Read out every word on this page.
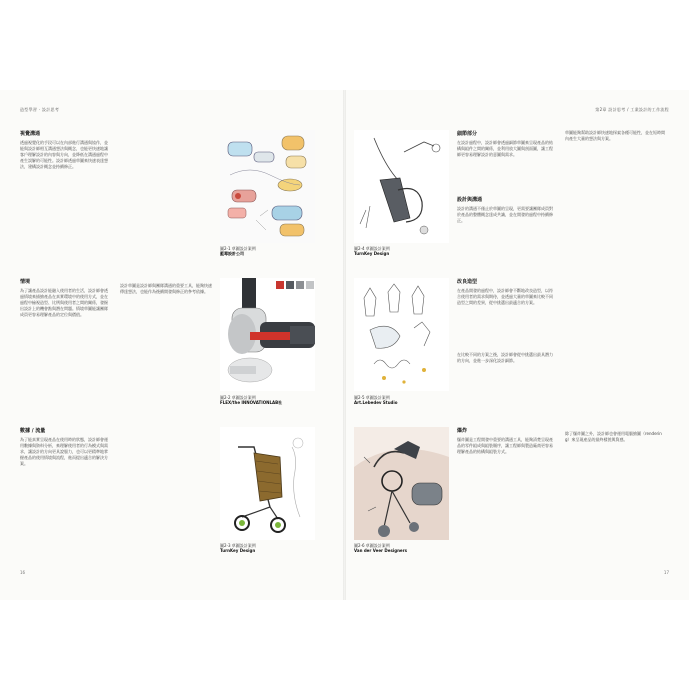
造型學習 · 設計思考	第2章 設計思考 / 工業設計的工作流程
視覺溝通
透過視覺化的手段可以在內部進行溝通與協作，並能與設計師相互溝通想法與概念，也能更快速地讓客戶理解設計的內容與方向，並降低在溝通過程中產生誤解的可能性。設計師透過草圖來快速表達想法，建構設計概念並持續修正。
情境
為了讓產品設計能融入使用者的生活，設計師會透過情境來描繪產品在真實環境中的使用方式，並在過程中檢視造型、比例與使用者之間的關係，發掘出設計上的機會點與潛在問題。情境草圖能讓團隊成員更容易理解產品的定位與價值。
數據 / 流量
為了能真實呈現產品在使用時的狀態，設計師會運用數據與資料分析，來理解使用者的行為模式與需求，讓設計的方向更具說服力，也可以更精準地掌握產品的使用情境與流程，進而提出適合的解決方案。
設計草圖是設計師與團隊溝通的重要工具，能夠快速傳達想法，也能作為後續開發與修正的參考依據。
圖2-1 草圖設計案例
藍莓設計公司
圖2-2 草圖設計案例
FLEX/the INNOVATIONLAB社
圖2-3 草圖設計案例
TurnKey Design
圖2-4 草圖設計案例
TurnKey Design
圖2-5 草圖設計案例
Art.Lebedev Studio
圖2-6 草圖設計案例
Van der Veer Designers
細節部分
在設計過程中，設計師會透過細節草圖來呈現產品的結構與組件之間的關係，並利用放大圖與剖面圖，讓工程師更容易理解設計的意圖與需求。
設計與溝通
設計的溝通不僅止於草圖的呈現，更需要讓團隊成員對於產品的整體概念達成共識，並在開發的過程中持續修正。
草圖能夠幫助設計師快速地探索各種可能性，並在短時間內產生大量的想法與方案。
改良造型
在產品開發的過程中，設計師會不斷地改良造型，以符合使用者的需求與期待，並透過大量的草圖來比較不同造型之間的差異，從中挑選出最適合的方案。
在比較不同的方案之後，設計師會從中挑選出最具潛力的方向，並進一步深化設計細節。
爆炸
爆炸圖是工程開發中重要的溝通工具，能夠清楚呈現產品的零件組成與組裝順序，讓工程師與製造廠商更容易理解產品的結構與組裝方式。
除了爆炸圖之外，設計師也會運用電腦繪圖（rendering）來呈現產品的最終樣貌與質感。
16	17
